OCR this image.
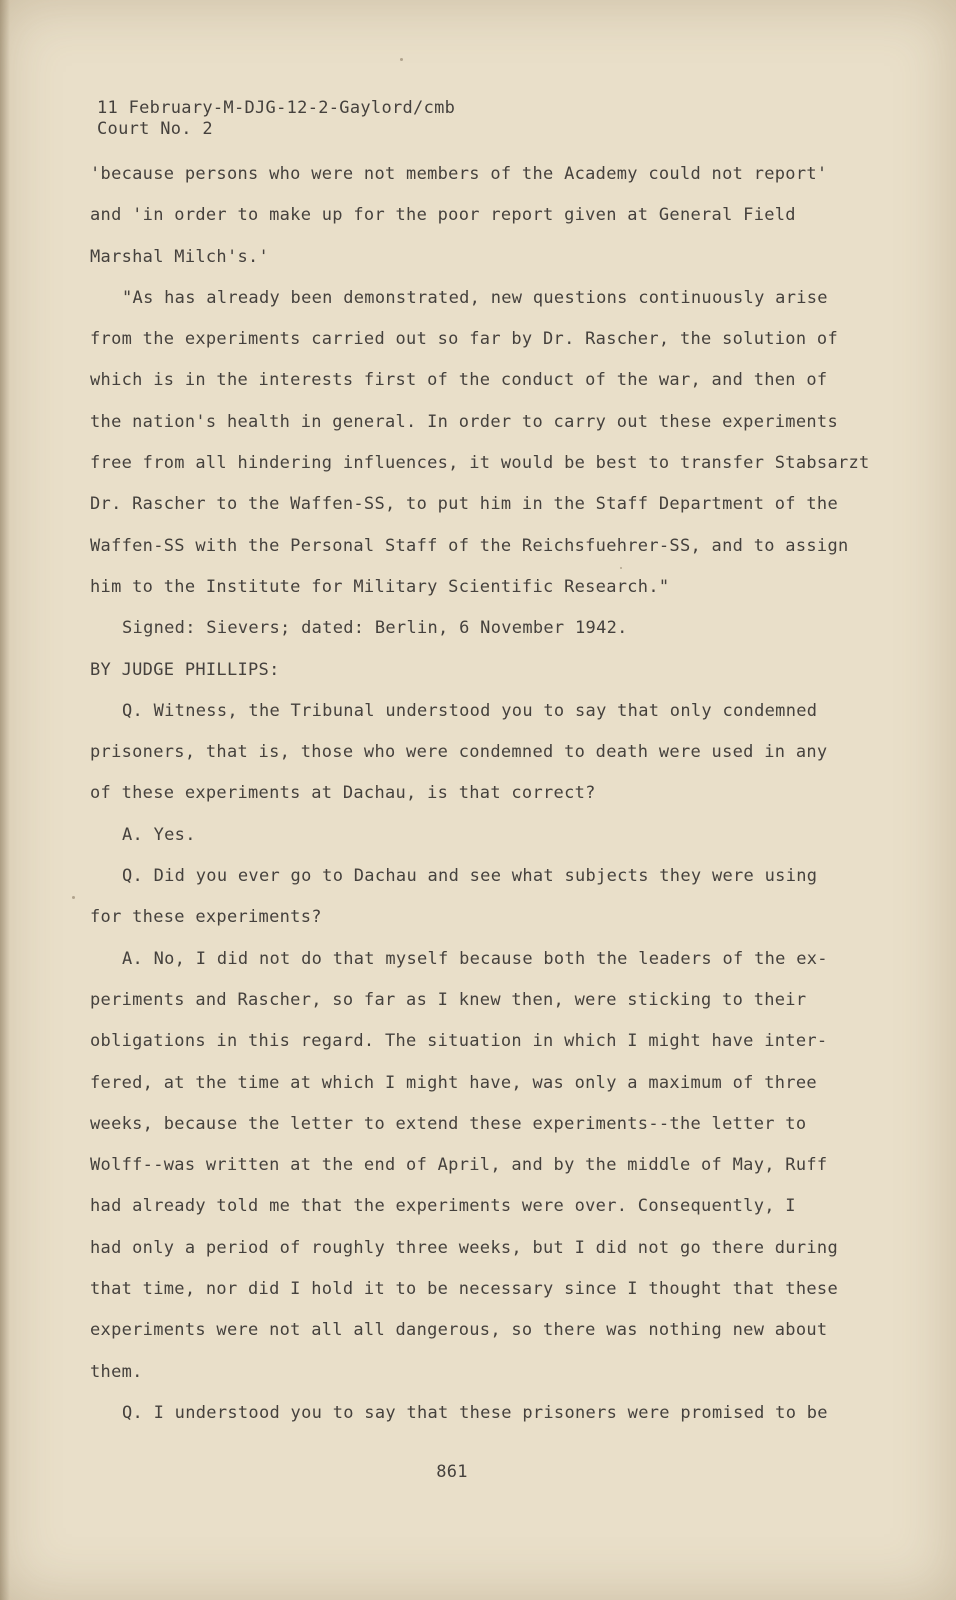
11 February-M-DJG-12-2-Gaylord/cmb
Court No. 2
'because persons who were not members of the Academy could not report'
and 'in order to make up for the poor report given at General Field
Marshal Milch's.'
"As has already been demonstrated, new questions continuously arise
from the experiments carried out so far by Dr. Rascher, the solution of
which is in the interests first of the conduct of the war, and then of
the nation's health in general. In order to carry out these experiments
free from all hindering influences, it would be best to transfer Stabsarzt
Dr. Rascher to the Waffen-SS, to put him in the Staff Department of the
Waffen-SS with the Personal Staff of the Reichsfuehrer-SS, and to assign
him to the Institute for Military Scientific Research."
Signed: Sievers; dated: Berlin, 6 November 1942.
BY JUDGE PHILLIPS:
Q. Witness, the Tribunal understood you to say that only condemned
prisoners, that is, those who were condemned to death were used in any
of these experiments at Dachau, is that correct?
A. Yes.
Q. Did you ever go to Dachau and see what subjects they were using
for these experiments?
A. No, I did not do that myself because both the leaders of the ex-
periments and Rascher, so far as I knew then, were sticking to their
obligations in this regard. The situation in which I might have inter-
fered, at the time at which I might have, was only a maximum of three
weeks, because the letter to extend these experiments--the letter to
Wolff--was written at the end of April, and by the middle of May, Ruff
had already told me that the experiments were over. Consequently, I
had only a period of roughly three weeks, but I did not go there during
that time, nor did I hold it to be necessary since I thought that these
experiments were not all all dangerous, so there was nothing new about
them.
Q. I understood you to say that these prisoners were promised to be
861
